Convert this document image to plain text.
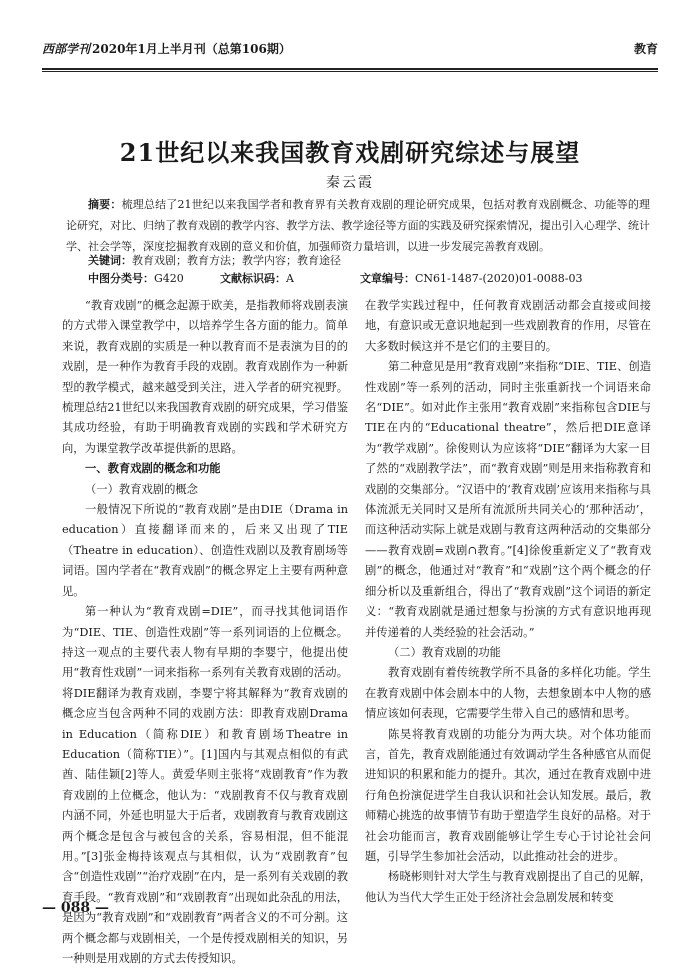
西部学刊 2020年1月上半月刊（总第106期）	教育
21世纪以来我国教育戏剧研究综述与展望
秦云霞
摘要：梳理总结了21世纪以来我国学者和教育界有关教育戏剧的理论研究成果，包括对教育戏剧概念、功能等的理论研究，对比、归纳了教育戏剧的教学内容、教学方法、教学途径等方面的实践及研究探索情况，提出引入心理学、统计学、社会学等，深度挖掘教育戏剧的意义和价值，加强师资力量培训，以进一步发展完善教育戏剧。
关键词：教育戏剧；教育方法；教学内容；教育途径
中图分类号：G420	文献标识码：A	文章编号：CN61-1487-(2020)01-0088-03

“教育戏剧”的概念起源于欧美，是指教师将戏剧表演的方式带入课堂教学中，以培养学生各方面的能力。简单来说，教育戏剧的实质是一种以教育而不是表演为目的的戏剧，是一种作为教育手段的戏剧。教育戏剧作为一种新型的教学模式，越来越受到关注，进入学者的研究视野。梳理总结21世纪以来我国教育戏剧的研究成果，学习借鉴其成功经验，有助于明确教育戏剧的实践和学术研究方向，为课堂教学改革提供新的思路。

一、教育戏剧的概念和功能
（一）教育戏剧的概念

一般情况下所说的“教育戏剧”是由DIE（Drama in education）直接翻译而来的，后来又出现了TIE（Theatre in education）、创造性戏剧以及教育剧场等词语。国内学者在“教育戏剧”的概念界定上主要有两种意见。

第一种认为“教育戏剧=DIE”，而寻找其他词语作为“DIE、TIE、创造性戏剧”等一系列词语的上位概念。持这一观点的主要代表人物有早期的李婴宁，他提出使用“教育性戏剧”一词来指称一系列有关教育戏剧的活动。将DIE翻译为教育戏剧，李婴宁将其解释为“教育戏剧的概念应当包含两种不同的戏剧方法：即教育戏剧Drama in Education（简称DIE）和教育剧场Theatre in Education（简称TIE）”。[1]国内与其观点相似的有武酋、陆佳颖[2]等人。黄爱华则主张将“戏剧教育”作为教育戏剧的上位概念，他认为：“戏剧教育不仅与教育戏剧内涵不同，外延也明显大于后者，戏剧教育与教育戏剧这两个概念是包含与被包含的关系，容易相混，但不能混用。”[3]张金梅持该观点与其相似，认为“戏剧教育”包含“创造性戏剧”“治疗戏剧”在内，是一系列有关戏剧的教育手段。“教育戏剧”和“戏剧教育”出现如此杂乱的用法，是因为“教育戏剧”和“戏剧教育”两者含义的不可分割。这两个概念都与戏剧相关，一个是传授戏剧相关的知识，另一种则是用戏剧的方式去传授知识。

在教学实践过程中，任何教育戏剧活动都会直接或间接地，有意识或无意识地起到一些戏剧教育的作用，尽管在大多数时候这并不是它们的主要目的。

第二种意见是用“教育戏剧”来指称“DIE、TIE、创造性戏剧”等一系列的活动，同时主张重新找一个词语来命名“DIE”。如对此作主张用“教育戏剧”来指称包含DIE与TIE在内的“Educational theatre”，然后把DIE意译为“教学戏剧”。徐俊则认为应该将“DIE”翻译为大家一目了然的“戏剧教学法”，而“教育戏剧”则是用来指称教育和戏剧的交集部分。“汉语中的‘教育戏剧’应该用来指称与具体流派无关同时又是所有流派所共同关心的‘那种活动’，而这种活动实际上就是戏剧与教育这两种活动的交集部分——教育戏剧=戏剧∩教育。”[4]徐俊重新定义了“教育戏剧”的概念，他通过对“教育”和“戏剧”这个两个概念的仔细分析以及重新组合，得出了“教育戏剧”这个词语的新定义：“教育戏剧就是通过想象与扮演的方式有意识地再现并传递着的人类经验的社会活动。”

（二）教育戏剧的功能

教育戏剧有着传统教学所不具备的多样化功能。学生在教育戏剧中体会剧本中的人物，去想象剧本中人物的感情应该如何表现，它需要学生带入自己的感情和思考。

陈昊将教育戏剧的功能分为两大块。对个体功能而言，首先，教育戏剧能通过有效调动学生各种感官从而促进知识的积累和能力的提升。其次，通过在教育戏剧中进行角色扮演促进学生自我认识和社会认知发展。最后，教师精心挑选的故事情节有助于塑造学生良好的品格。对于社会功能而言，教育戏剧能够让学生专心于讨论社会问题，引导学生参加社会活动，以此推动社会的进步。

杨晓彬则针对大学生与教育戏剧提出了自己的见解，他认为当代大学生正处于经济社会急剧发展和转变

— 088 —
